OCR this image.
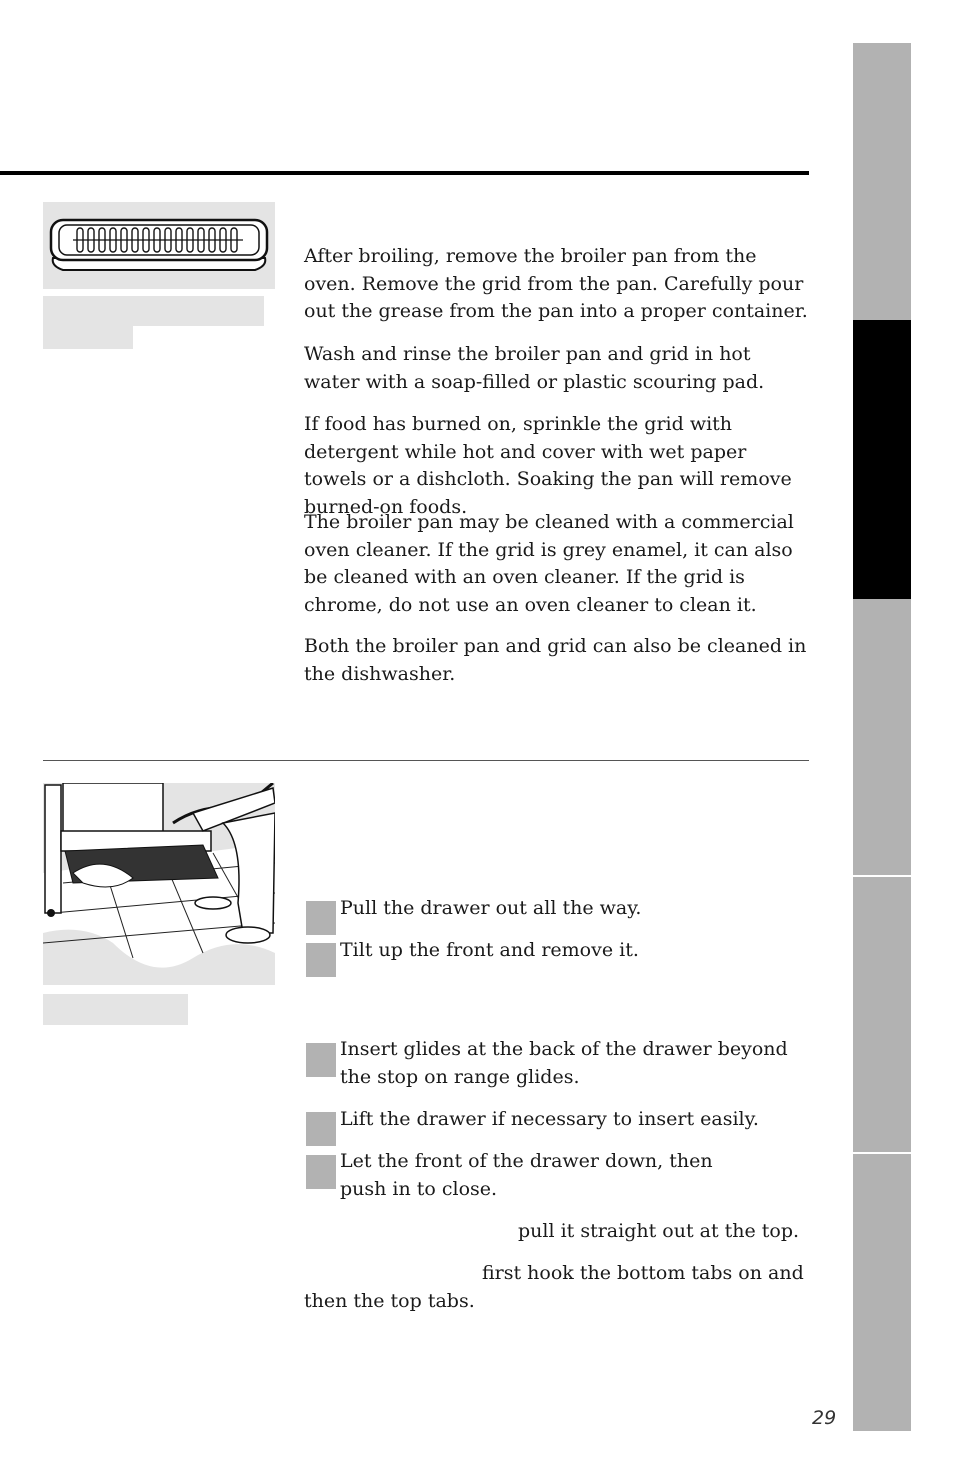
After broiling, remove the broiler pan from the oven. Remove the grid from the pan. Carefully pour out the grease from the pan into a proper container.

Wash and rinse the broiler pan and grid in hot water with a soap-filled or plastic scouring pad.

If food has burned on, sprinkle the grid with detergent while hot and cover with wet paper towels or a dishcloth. Soaking the pan will remove burned-on foods.

The broiler pan may be cleaned with a commercial oven cleaner. If the grid is grey enamel, it can also be cleaned with an oven cleaner. If the grid is chrome, do not use an oven cleaner to clean it.

Both the broiler pan and grid can also be cleaned in the dishwasher.

Pull the drawer out all the way.

Tilt up the front and remove it.

Insert glides at the back of the drawer beyond the stop on range glides.

Lift the drawer if necessary to insert easily.

Let the front of the drawer down, then push in to close.

pull it straight out at the top.

first hook the bottom tabs on and

then the top tabs.

29
